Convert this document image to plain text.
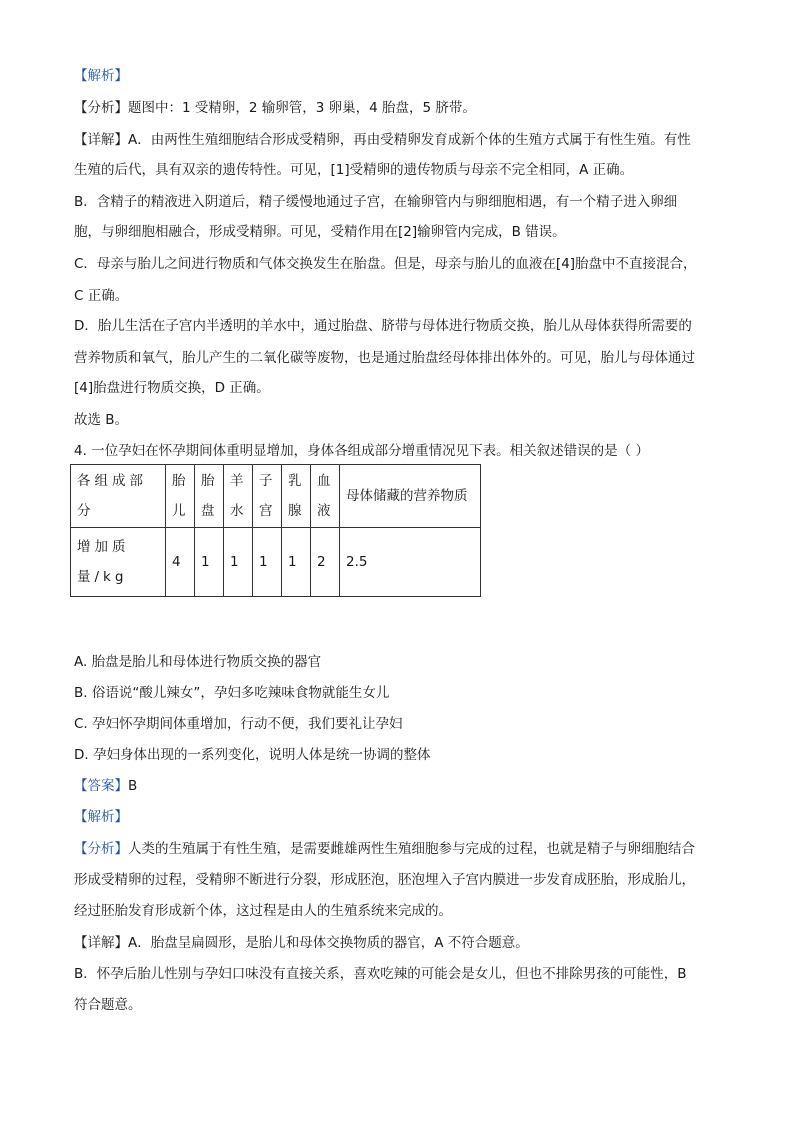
【解析】
【分析】题图中：1 受精卵，2 输卵管，3 卵巢，4 胎盘，5 脐带。
【详解】A．由两性生殖细胞结合形成受精卵，再由受精卵发育成新个体的生殖方式属于有性生殖。有性
生殖的后代，具有双亲的遗传特性。可见，[1]受精卵的遗传物质与母亲不完全相同，A 正确。
B．含精子的精液进入阴道后，精子缓慢地通过子宫，在输卵管内与卵细胞相遇，有一个精子进入卵细
胞，与卵细胞相融合，形成受精卵。可见，受精作用在[2]输卵管内完成，B 错误。
C．母亲与胎儿之间进行物质和气体交换发生在胎盘。但是，母亲与胎儿的血液在[4]胎盘中不直接混合，
C 正确。
D．胎儿生活在子宫内半透明的羊水中，通过胎盘、脐带与母体进行物质交换，胎儿从母体获得所需要的
营养物质和氧气，胎儿产生的二氧化碳等废物，也是通过胎盘经母体排出体外的。可见，胎儿与母体通过
[4]胎盘进行物质交换，D 正确。
故选 B。
4. 一位孕妇在怀孕期间体重明显增加，身体各组成部分增重情况见下表。相关叙述错误的是（ ）
各组成部分	胎儿	胎盘	羊水	子宫	乳腺	血液	母体储藏的营养物质
增加质量/kg	4	1	1	1	1	2	2.5
A. 胎盘是胎儿和母体进行物质交换的器官
B. 俗语说“酸儿辣女”，孕妇多吃辣味食物就能生女儿
C. 孕妇怀孕期间体重增加，行动不便，我们要礼让孕妇
D. 孕妇身体出现的一系列变化，说明人体是统一协调的整体
【答案】B
【解析】
【分析】人类的生殖属于有性生殖，是需要雌雄两性生殖细胞参与完成的过程，也就是精子与卵细胞结合
形成受精卵的过程，受精卵不断进行分裂，形成胚泡，胚泡埋入子宫内膜进一步发育成胚胎，形成胎儿，
经过胚胎发育形成新个体，这过程是由人的生殖系统来完成的。
【详解】A．胎盘呈扁圆形，是胎儿和母体交换物质的器官，A 不符合题意。
B．怀孕后胎儿性别与孕妇口味没有直接关系，喜欢吃辣的可能会是女儿，但也不排除男孩的可能性，B
符合题意。
